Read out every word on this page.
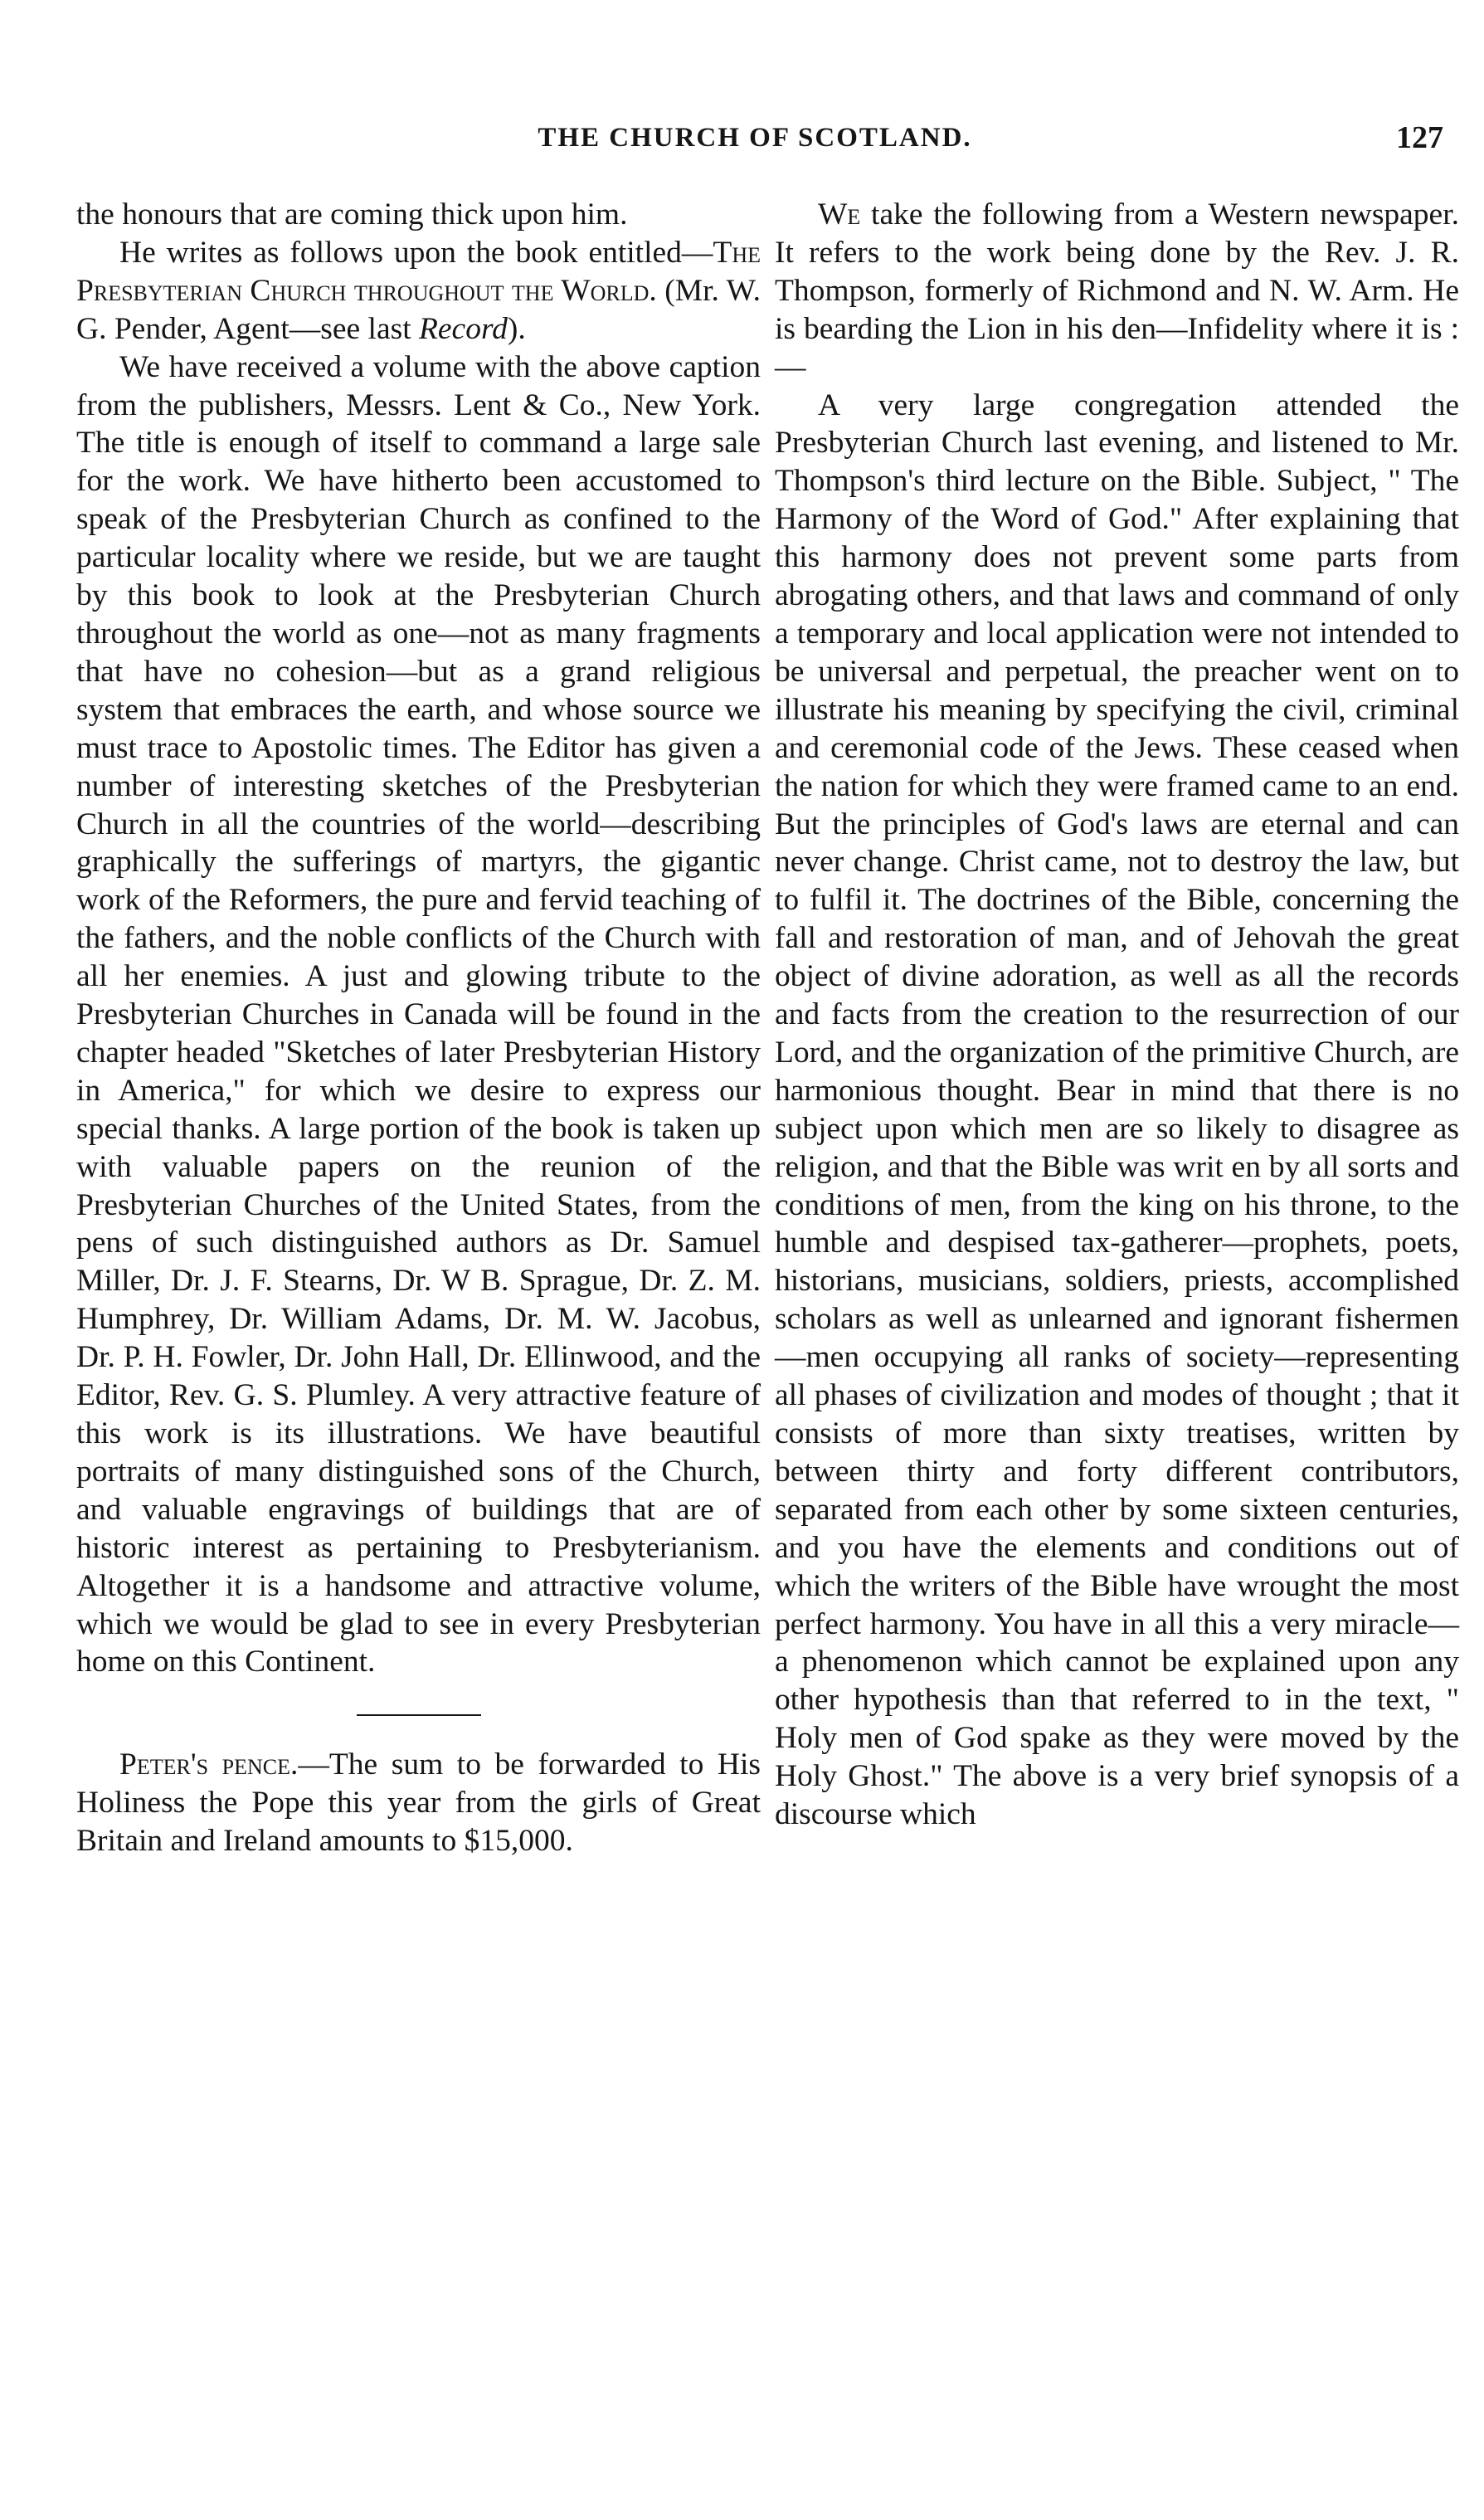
THE CHURCH OF SCOTLAND.	127

the honours that are coming thick upon him.

He writes as follows upon the book entitled—The Presbyterian Church throughout the World. (Mr. W. G. Pender, Agent—see last Record).

We have received a volume with the above caption from the publishers, Messrs. Lent & Co., New York. The title is enough of itself to command a large sale for the work. We have hitherto been accustomed to speak of the Presbyterian Church as confined to the particular locality where we reside, but we are taught by this book to look at the Presbyterian Church throughout the world as one—not as many fragments that have no cohesion—but as a grand religious system that embraces the earth, and whose source we must trace to Apostolic times. The Editor has given a number of interesting sketches of the Presbyterian Church in all the countries of the world—describing graphically the sufferings of martyrs, the gigantic work of the Reformers, the pure and fervid teaching of the fathers, and the noble conflicts of the Church with all her enemies. A just and glowing tribute to the Presbyterian Churches in Canada will be found in the chapter headed "Sketches of later Presbyterian History in America," for which we desire to express our special thanks. A large portion of the book is taken up with valuable papers on the reunion of the Presbyterian Churches of the United States, from the pens of such distinguished authors as Dr. Samuel Miller, Dr. J. F. Stearns, Dr. W B. Sprague, Dr. Z. M. Humphrey, Dr. William Adams, Dr. M. W. Jacobus, Dr. P. H. Fowler, Dr. John Hall, Dr. Ellinwood, and the Editor, Rev. G. S. Plumley. A very attractive feature of this work is its illustrations. We have beautiful portraits of many distinguished sons of the Church, and valuable engravings of buildings that are of historic interest as pertaining to Presbyterianism. Altogether it is a handsome and attractive volume, which we would be glad to see in every Presbyterian home on this Continent.

Peter's pence.—The sum to be forwarded to His Holiness the Pope this year from the girls of Great Britain and Ireland amounts to $15,000.

We take the following from a Western newspaper. It refers to the work being done by the Rev. J. R. Thompson, formerly of Richmond and N. W. Arm. He is bearding the Lion in his den—Infidelity where it is :—

A very large congregation attended the Presbyterian Church last evening, and listened to Mr. Thompson's third lecture on the Bible. Subject, " The Harmony of the Word of God." After explaining that this harmony does not prevent some parts from abrogating others, and that laws and command of only a temporary and local application were not intended to be universal and perpetual, the preacher went on to illustrate his meaning by specifying the civil, criminal and ceremonial code of the Jews. These ceased when the nation for which they were framed came to an end. But the principles of God's laws are eternal and can never change. Christ came, not to destroy the law, but to fulfil it. The doctrines of the Bible, concerning the fall and restoration of man, and of Jehovah the great object of divine adoration, as well as all the records and facts from the creation to the resurrection of our Lord, and the organization of the primitive Church, are harmonious thought. Bear in mind that there is no subject upon which men are so likely to disagree as religion, and that the Bible was writ en by all sorts and conditions of men, from the king on his throne, to the humble and despised tax-gatherer—prophets, poets, historians, musicians, soldiers, priests, accomplished scholars as well as unlearned and ignorant fishermen—men occupying all ranks of society—representing all phases of civilization and modes of thought ; that it consists of more than sixty treatises, written by between thirty and forty different contributors, separated from each other by some sixteen centuries, and you have the elements and conditions out of which the writers of the Bible have wrought the most perfect harmony. You have in all this a very miracle—a phenomenon which cannot be explained upon any other hypothesis than that referred to in the text, " Holy men of God spake as they were moved by the Holy Ghost." The above is a very brief synopsis of a discourse which
